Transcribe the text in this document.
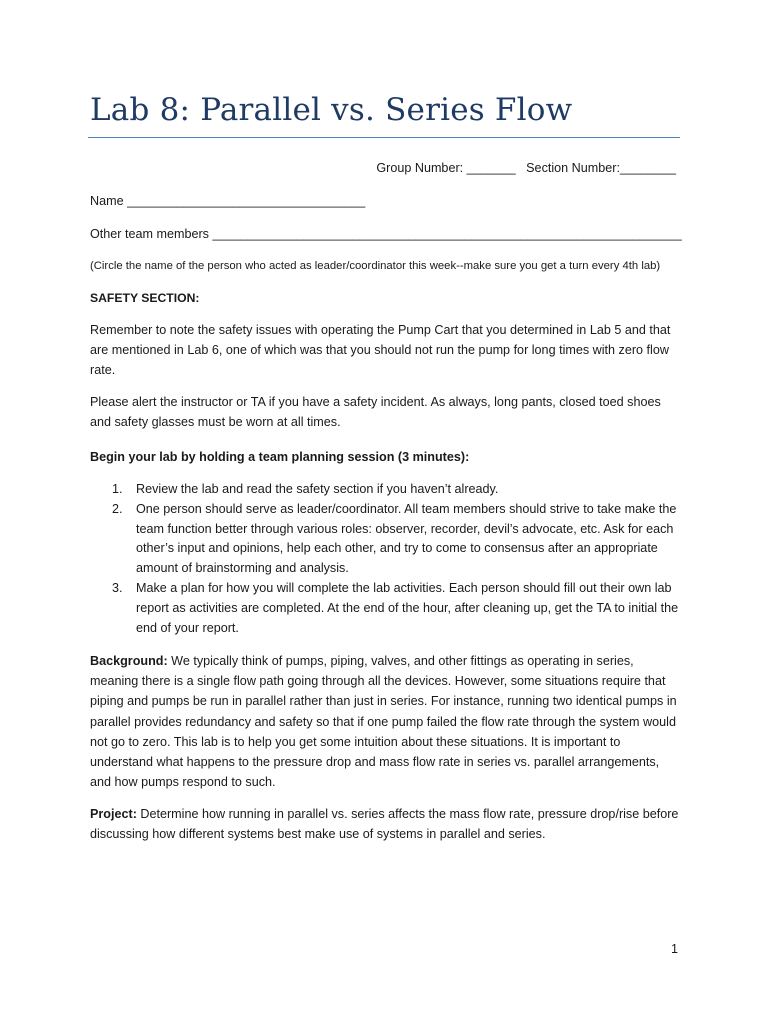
Lab 8: Parallel vs. Series Flow
Group Number: _______   Section Number:________
Name __________________________________
Other team members ___________________________________________________________________
(Circle the name of the person who acted as leader/coordinator this week--make sure you get a turn every 4th lab)
SAFETY SECTION:

Remember to note the safety issues with operating the Pump Cart that you determined in Lab 5 and that are mentioned in Lab 6, one of which was that you should not run the pump for long times with zero flow rate.

Please alert the instructor or TA if you have a safety incident. As always, long pants, closed toed shoes and safety glasses must be worn at all times.

Begin your lab by holding a team planning session (3 minutes):
1. Review the lab and read the safety section if you haven’t already.
2. One person should serve as leader/coordinator. All team members should strive to take make the team function better through various roles: observer, recorder, devil’s advocate, etc. Ask for each other’s input and opinions, help each other, and try to come to consensus after an appropriate amount of brainstorming and analysis.
3. Make a plan for how you will complete the lab activities. Each person should fill out their own lab report as activities are completed. At the end of the hour, after cleaning up, get the TA to initial the end of your report.

Background: We typically think of pumps, piping, valves, and other fittings as operating in series, meaning there is a single flow path going through all the devices. However, some situations require that piping and pumps be run in parallel rather than just in series. For instance, running two identical pumps in parallel provides redundancy and safety so that if one pump failed the flow rate through the system would not go to zero. This lab is to help you get some intuition about these situations. It is important to understand what happens to the pressure drop and mass flow rate in series vs. parallel arrangements, and how pumps respond to such.

Project: Determine how running in parallel vs. series affects the mass flow rate, pressure drop/rise before discussing how different systems best make use of systems in parallel and series.

1
